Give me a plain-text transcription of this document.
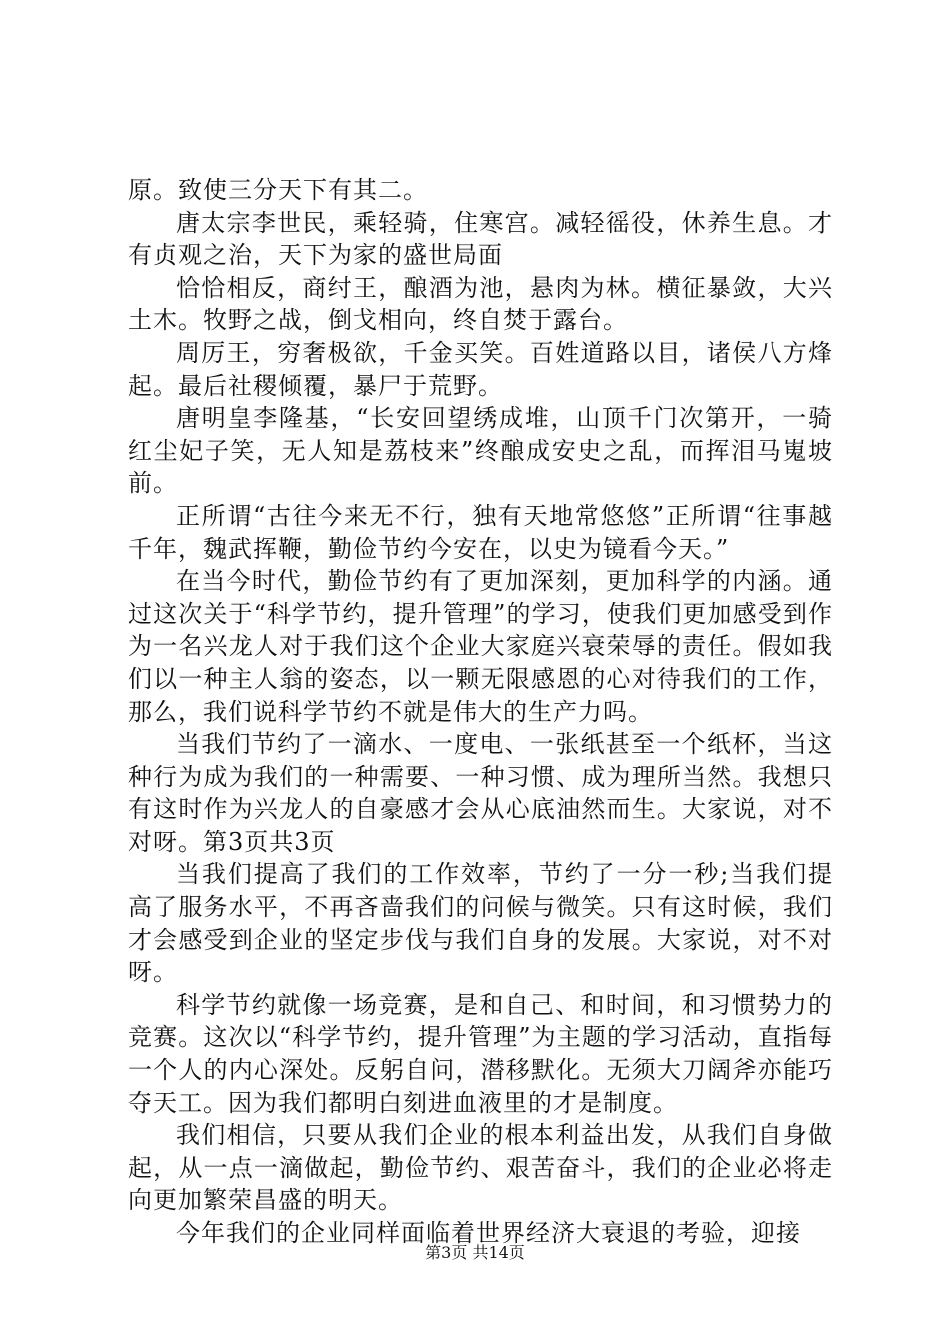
原。致使三分天下有其二。

唐太宗李世民，乘轻骑，住寒宫。减轻徭役，休养生息。才有贞观之治，天下为家的盛世局面

恰恰相反，商纣王，酿酒为池，悬肉为林。横征暴敛，大兴土木。牧野之战，倒戈相向，终自焚于露台。

周厉王，穷奢极欲，千金买笑。百姓道路以目，诸侯八方烽起。最后社稷倾覆，暴尸于荒野。

唐明皇李隆基，“长安回望绣成堆，山顶千门次第开，一骑红尘妃子笑，无人知是荔枝来”终酿成安史之乱，而挥泪马嵬坡前。

正所谓“古往今来无不行，独有天地常悠悠”正所谓“往事越千年，魏武挥鞭，勤俭节约今安在，以史为镜看今天。”

在当今时代，勤俭节约有了更加深刻，更加科学的内涵。通过这次关于“科学节约，提升管理”的学习，使我们更加感受到作为一名兴龙人对于我们这个企业大家庭兴衰荣辱的责任。假如我们以一种主人翁的姿态，以一颗无限感恩的心对待我们的工作，那么，我们说科学节约不就是伟大的生产力吗。

当我们节约了一滴水、一度电、一张纸甚至一个纸杯，当这种行为成为我们的一种需要、一种习惯、成为理所当然。我想只有这时作为兴龙人的自豪感才会从心底油然而生。大家说，对不对呀。第3页共3页

当我们提高了我们的工作效率，节约了一分一秒;当我们提高了服务水平，不再吝啬我们的问候与微笑。只有这时候，我们才会感受到企业的坚定步伐与我们自身的发展。大家说，对不对呀。

科学节约就像一场竞赛，是和自己、和时间，和习惯势力的竞赛。这次以“科学节约，提升管理”为主题的学习活动，直指每一个人的内心深处。反躬自问，潜移默化。无须大刀阔斧亦能巧夺天工。因为我们都明白刻进血液里的才是制度。

我们相信，只要从我们企业的根本利益出发，从我们自身做起，从一点一滴做起，勤俭节约、艰苦奋斗，我们的企业必将走向更加繁荣昌盛的明天。

今年我们的企业同样面临着世界经济大衰退的考验，迎接

第3页 共14页
